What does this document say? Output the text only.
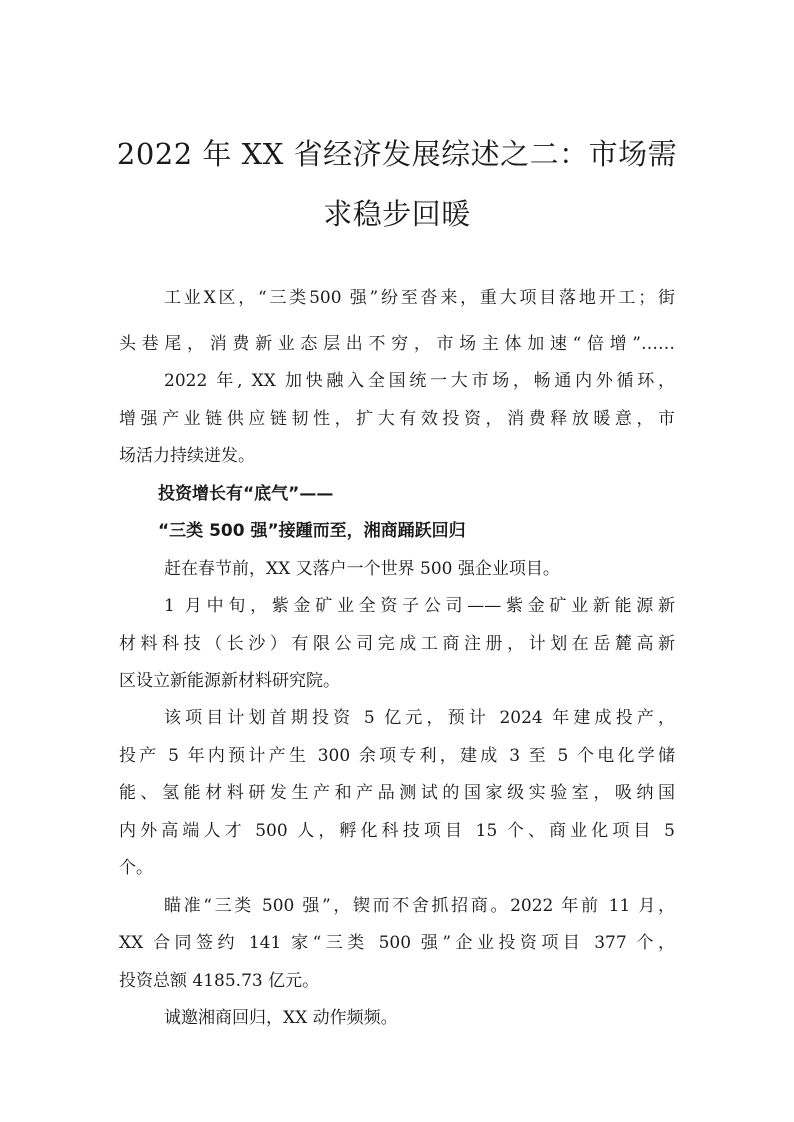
2022 年 XX 省经济发展综述之二：市场需
求稳步回暖
工业X区，“三类500 强”纷至沓来，重大项目落地开工；街
头巷尾，消费新业态层出不穷，市场主体加速“倍增”……
2022 年, XX 加快融入全国统一大市场，畅通内外循环，
增强产业链供应链韧性，扩大有效投资，消费释放暖意，市
场活力持续迸发。
投资增长有“底气”——
“三类 500 强”接踵而至，湘商踊跃回归
赶在春节前，XX 又落户一个世界 500 强企业项目。
1 月中旬，紫金矿业全资子公司——紫金矿业新能源新
材料科技（长沙）有限公司完成工商注册，计划在岳麓高新
区设立新能源新材料研究院。
该项目计划首期投资 5 亿元，预计 2024 年建成投产，
投产 5 年内预计产生 300 余项专利，建成 3 至 5 个电化学储
能、氢能材料研发生产和产品测试的国家级实验室，吸纳国
内外高端人才 500 人，孵化科技项目 15 个、商业化项目 5
个。
瞄准“三类 500 强”，锲而不舍抓招商。2022 年前 11 月，
XX 合同签约 141 家“三类 500 强”企业投资项目 377 个，
投资总额 4185.73 亿元。
诚邀湘商回归，XX 动作频频。
